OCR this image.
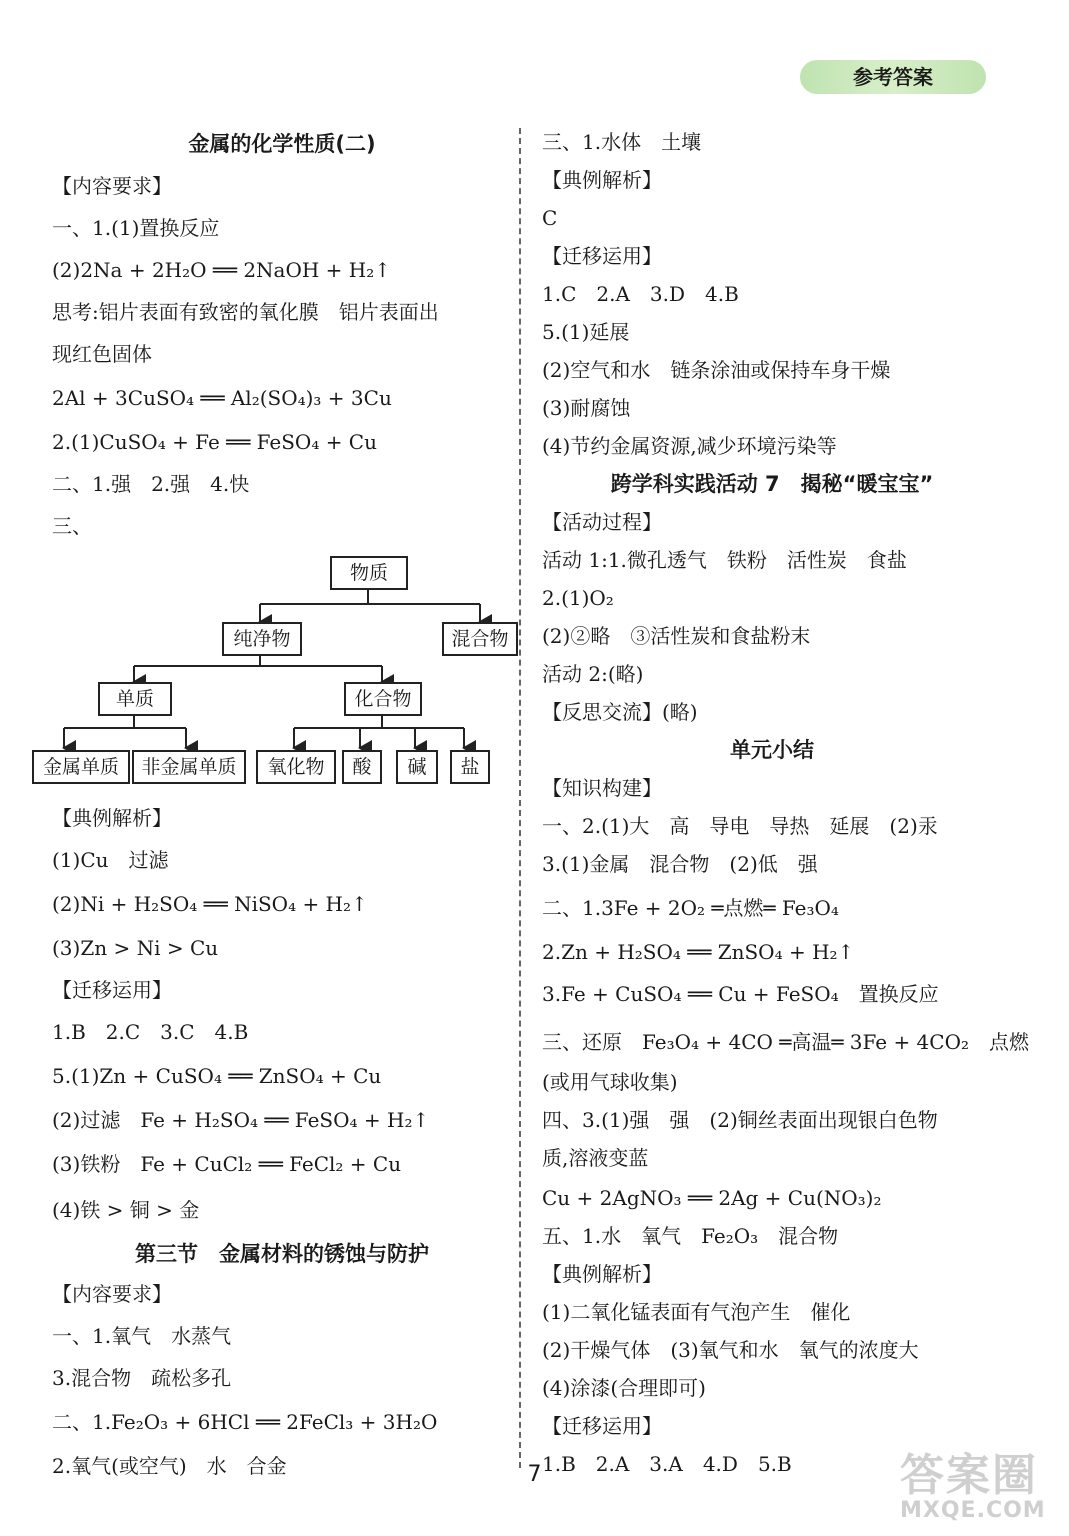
参考答案
金属的化学性质(二)
【内容要求】
一、1.(1)置换反应
(2)2Na + 2H₂O ══ 2NaOH + H₂↑
思考:铝片表面有致密的氧化膜　铝片表面出
现红色固体
2Al + 3CuSO₄ ══ Al₂(SO₄)₃ + 3Cu
2.(1)CuSO₄ + Fe ══ FeSO₄ + Cu
二、1.强　2.强　4.快
三、
【典例解析】
(1)Cu　过滤
(2)Ni + H₂SO₄ ══ NiSO₄ + H₂↑
(3)Zn > Ni > Cu
【迁移运用】
1.B　2.C　3.C　4.B
5.(1)Zn + CuSO₄ ══ ZnSO₄ + Cu
(2)过滤　Fe + H₂SO₄ ══ FeSO₄ + H₂↑
(3)铁粉　Fe + CuCl₂ ══ FeCl₂ + Cu
(4)铁 > 铜 > 金
第三节　金属材料的锈蚀与防护
【内容要求】
一、1.氧气　水蒸气
3.混合物　疏松多孔
二、1.Fe₂O₃ + 6HCl ══ 2FeCl₃ + 3H₂O
2.氧气(或空气)　水　合金
物质
纯净物	混合物
单质	化合物
金属单质	非金属单质	氧化物	酸	碱	盐
三、1.水体　土壤
【典例解析】
C
【迁移运用】
1.C　2.A　3.D　4.B
5.(1)延展
(2)空气和水　链条涂油或保持车身干燥
(3)耐腐蚀
(4)节约金属资源,减少环境污染等
跨学科实践活动 7　揭秘“暖宝宝”
【活动过程】
活动 1:1.微孔透气　铁粉　活性炭　食盐
2.(1)O₂
(2)②略　③活性炭和食盐粉末
活动 2:(略)
【反思交流】(略)
单元小结
【知识构建】
一、2.(1)大　高　导电　导热　延展　(2)汞
3.(1)金属　混合物　(2)低　强
二、1.3Fe + 2O₂ ═点燃═ Fe₃O₄
2.Zn + H₂SO₄ ══ ZnSO₄ + H₂↑
3.Fe + CuSO₄ ══ Cu + FeSO₄　置换反应
三、还原　Fe₃O₄ + 4CO ═高温═ 3Fe + 4CO₂　点燃
(或用气球收集)
四、3.(1)强　强　(2)铜丝表面出现银白色物
质,溶液变蓝
Cu + 2AgNO₃ ══ 2Ag + Cu(NO₃)₂
五、1.水　氧气　Fe₂O₃　混合物
【典例解析】
(1)二氧化锰表面有气泡产生　催化
(2)干燥气体　(3)氧气和水　氧气的浓度大
(4)涂漆(合理即可)
【迁移运用】
1.B　2.A　3.A　4.D　5.B
7	答案圈
MXQE.COM
